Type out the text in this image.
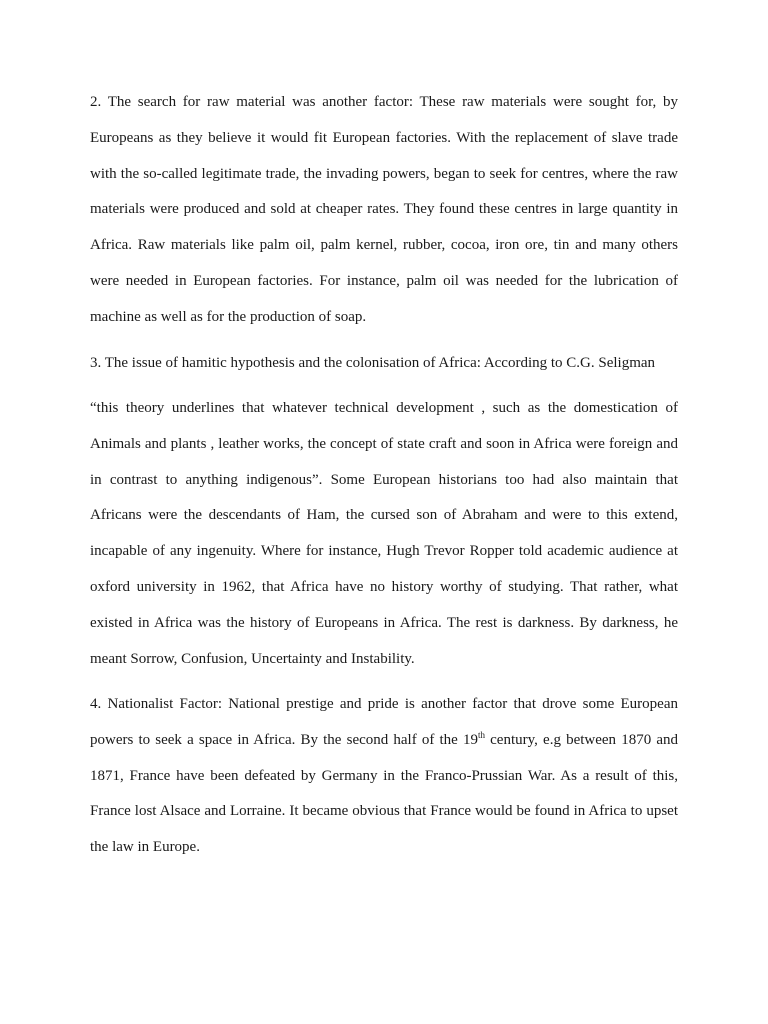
2. The search for raw material was another factor: These raw materials were sought for, by Europeans as they believe it would fit European factories. With the replacement of slave trade with the so-called legitimate trade, the invading powers, began to seek for centres, where the raw materials were produced and sold at cheaper rates. They found these centres in large quantity in Africa. Raw materials like palm oil, palm kernel, rubber, cocoa, iron ore, tin and many others were needed in European factories. For instance, palm oil was needed for the lubrication of machine as well as for the production of soap.

3. The issue of hamitic hypothesis and the colonisation of Africa: According to C.G. Seligman

“this theory underlines that whatever technical development , such as the domestication of Animals and plants , leather works, the concept of state craft and soon in Africa were foreign and in contrast to anything indigenous”. Some European historians too had also maintain that Africans were the descendants of Ham, the cursed son of Abraham and were to this extend, incapable of any ingenuity. Where for instance, Hugh Trevor Ropper told academic audience at oxford university in 1962, that Africa have no history worthy of studying. That rather, what existed in Africa was the history of Europeans in Africa. The rest is darkness. By darkness, he meant Sorrow, Confusion, Uncertainty and Instability.

4. Nationalist Factor: National prestige and pride is another factor that drove some European powers to seek a space in Africa. By the second half of the 19th century, e.g between 1870 and 1871, France have been defeated by Germany in the Franco-Prussian War. As a result of this, France lost Alsace and Lorraine. It became obvious that France would be found in Africa to upset the law in Europe.
